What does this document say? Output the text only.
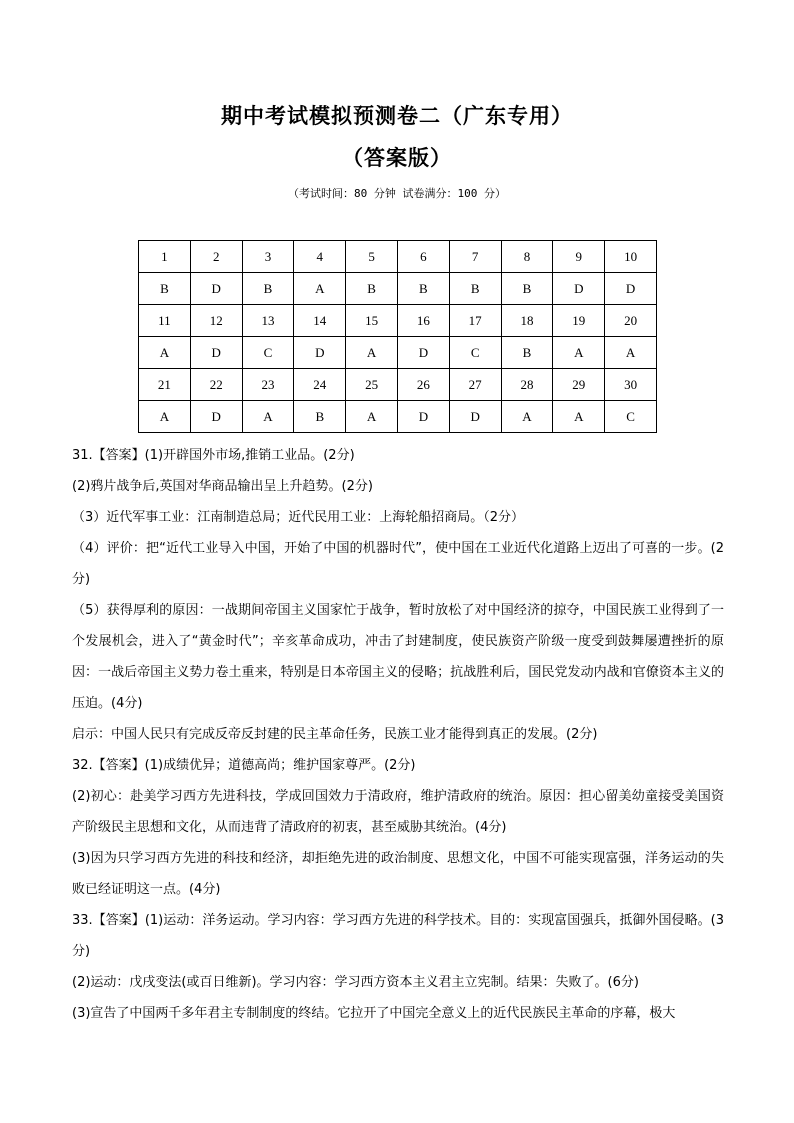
期中考试模拟预测卷二（广东专用）
（答案版）
（考试时间：80 分钟 试卷满分：100 分）
1	2	3	4	5	6	7	8	9	10
B	D	B	A	B	B	B	B	D	D
11	12	13	14	15	16	17	18	19	20
A	D	C	D	A	D	C	B	A	A
21	22	23	24	25	26	27	28	29	30
A	D	A	B	A	D	D	A	A	C

31.【答案】(1)开辟国外市场,推销工业品。(2分)

(2)鸦片战争后,英国对华商品输出呈上升趋势。(2分)

（3）近代军事工业：江南制造总局；近代民用工业：上海轮船招商局。（2分）

（4）评价：把“近代工业导入中国，开始了中国的机器时代”，使中国在工业近代化道路上迈出了可喜的一步。(2分)

（5）获得厚利的原因：一战期间帝国主义国家忙于战争，暂时放松了对中国经济的掠夺，中国民族工业得到了一个发展机会，进入了“黄金时代”；辛亥革命成功，冲击了封建制度，使民族资产阶级一度受到鼓舞屡遭挫折的原因：一战后帝国主义势力卷土重来，特别是日本帝国主义的侵略；抗战胜利后，国民党发动内战和官僚资本主义的压迫。(4分)

启示：中国人民只有完成反帝反封建的民主革命任务，民族工业才能得到真正的发展。(2分)

32.【答案】(1)成绩优异；道德高尚；维护国家尊严。(2分)

(2)初心：赴美学习西方先进科技，学成回国效力于清政府，维护清政府的统治。原因：担心留美幼童接受美国资产阶级民主思想和文化，从而违背了清政府的初衷，甚至威胁其统治。(4分)

(3)因为只学习西方先进的科技和经济，却拒绝先进的政治制度、思想文化，中国不可能实现富强，洋务运动的失败已经证明这一点。(4分)

33.【答案】(1)运动：洋务运动。学习内容：学习西方先进的科学技术。目的：实现富国强兵，抵御外国侵略。(3分)

(2)运动：戊戌变法(或百日维新)。学习内容：学习西方资本主义君主立宪制。结果：失败了。(6分)

(3)宣告了中国两千多年君主专制制度的终结。它拉开了中国完全意义上的近代民族民主革命的序幕，极大
